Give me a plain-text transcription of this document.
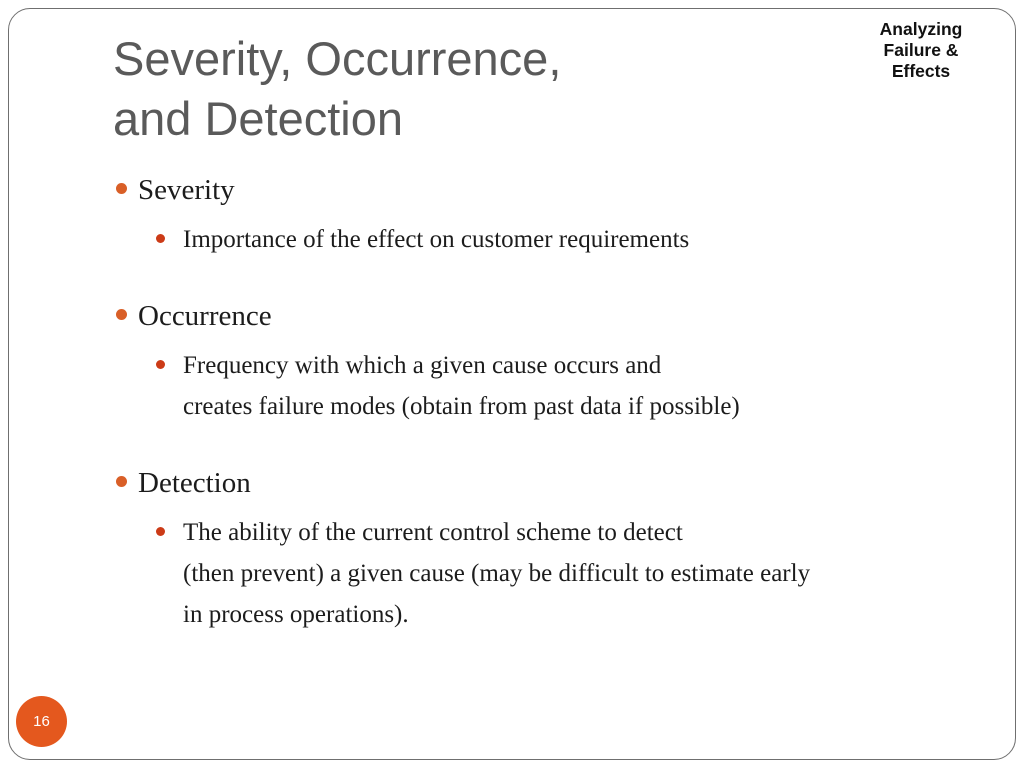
Severity, Occurrence,
and Detection
Analyzing
Failure &
Effects
Severity
Importance of the effect on customer requirements
Occurrence
Frequency with which a given cause occurs and
creates failure modes (obtain from past data if possible)
Detection
The ability of the current control scheme to detect
(then prevent) a given cause (may be difficult to estimate early
in process operations).
16
